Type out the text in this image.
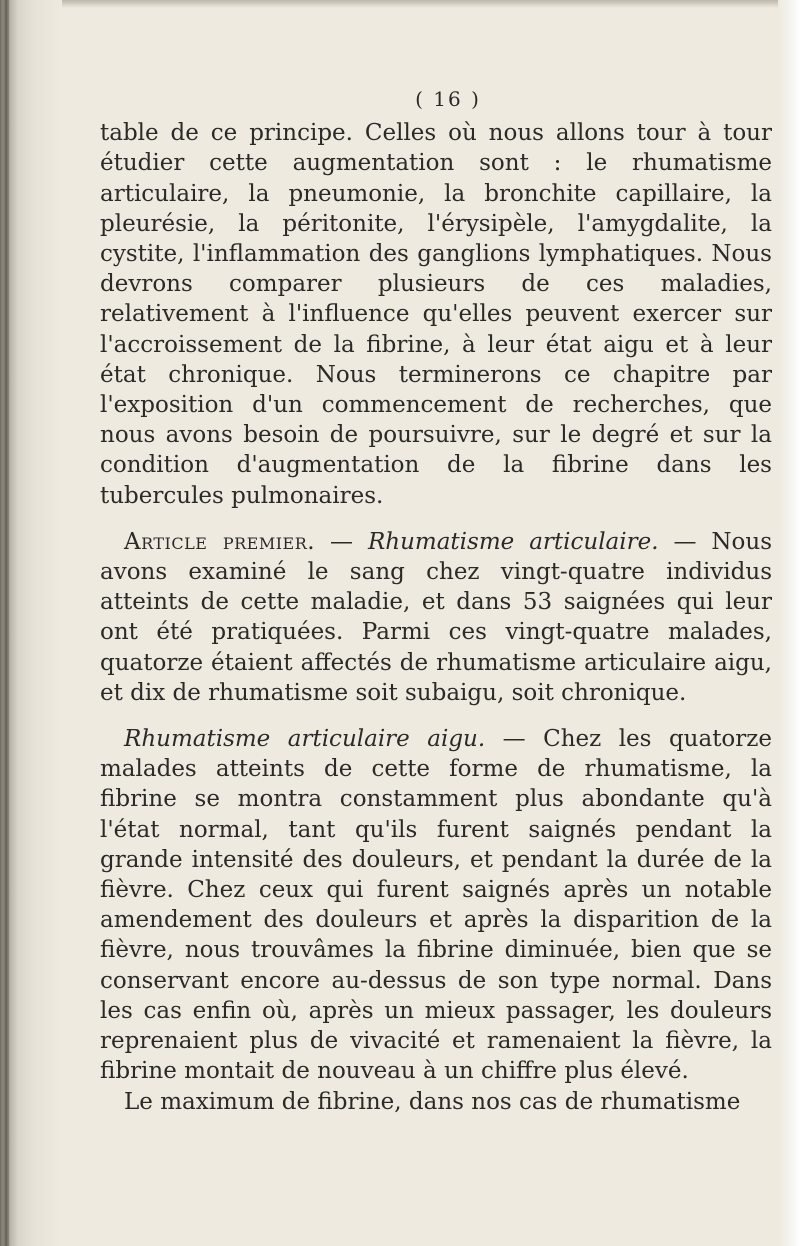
( 16 )

table de ce principe. Celles où nous allons tour à tour étudier cette augmentation sont : le rhumatisme articulaire, la pneumonie, la bronchite capillaire, la pleurésie, la péritonite, l'érysipèle, l'amygdalite, la cystite, l'inflammation des ganglions lymphatiques. Nous devrons comparer plusieurs de ces maladies, relativement à l'influence qu'elles peuvent exercer sur l'accroissement de la fibrine, à leur état aigu et à leur état chronique. Nous terminerons ce chapitre par l'exposition d'un commencement de recherches, que nous avons besoin de poursuivre, sur le degré et sur la condition d'augmentation de la fibrine dans les tubercules pulmonaires.

Article premier. — Rhumatisme articulaire. — Nous avons examiné le sang chez vingt-quatre individus atteints de cette maladie, et dans 53 saignées qui leur ont été pratiquées. Parmi ces vingt-quatre malades, quatorze étaient affectés de rhumatisme articulaire aigu, et dix de rhumatisme soit subaigu, soit chronique.

Rhumatisme articulaire aigu. — Chez les quatorze malades atteints de cette forme de rhumatisme, la fibrine se montra constamment plus abondante qu'à l'état normal, tant qu'ils furent saignés pendant la grande intensité des douleurs, et pendant la durée de la fièvre. Chez ceux qui furent saignés après un notable amendement des douleurs et après la disparition de la fièvre, nous trouvâmes la fibrine diminuée, bien que se conservant encore au-dessus de son type normal. Dans les cas enfin où, après un mieux passager, les douleurs reprenaient plus de vivacité et ramenaient la fièvre, la fibrine montait de nouveau à un chiffre plus élevé.

Le maximum de fibrine, dans nos cas de rhumatisme
